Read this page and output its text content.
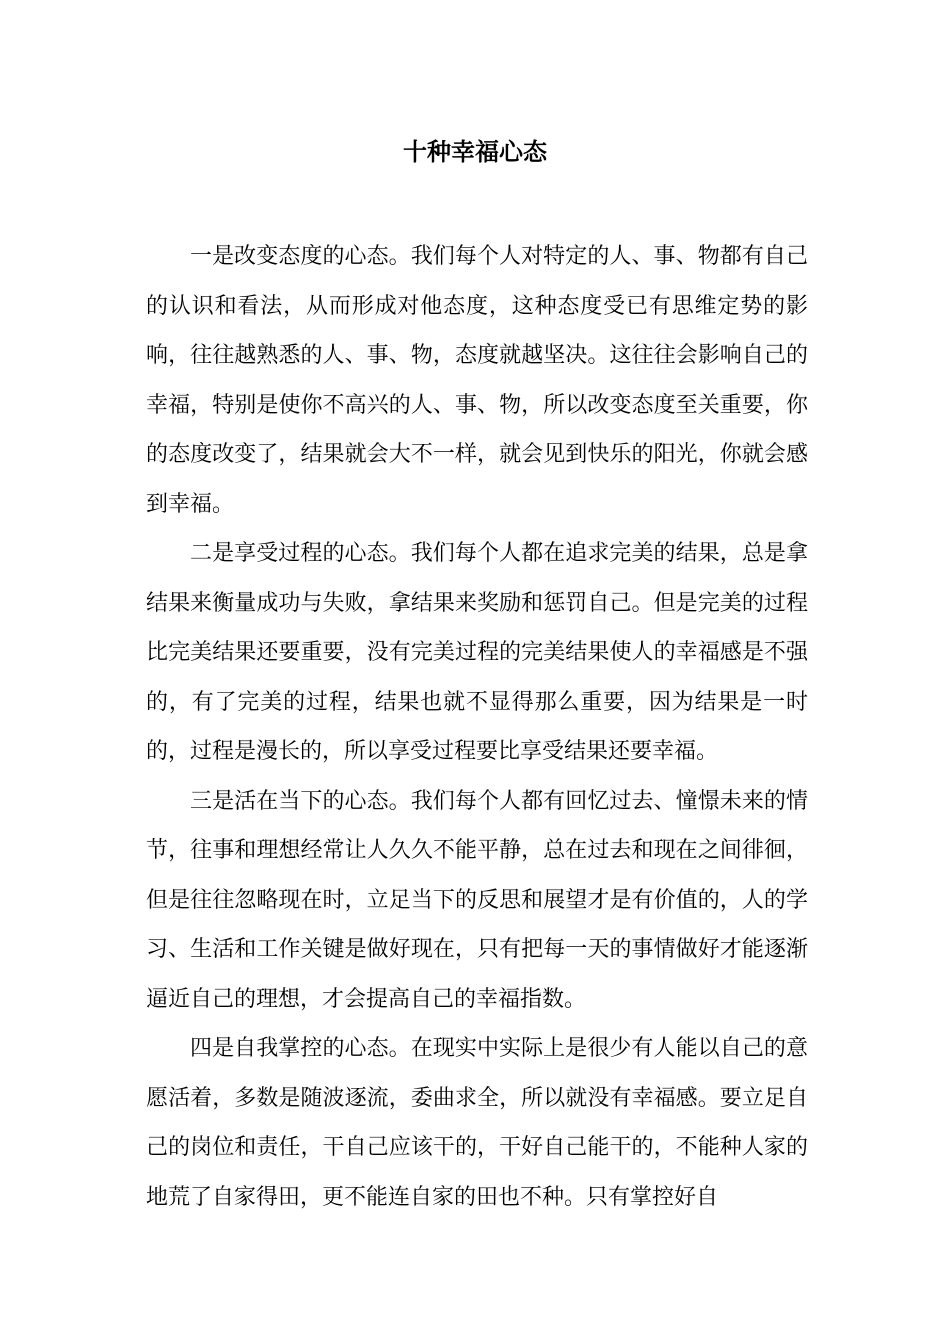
十种幸福心态

一是改变态度的心态。我们每个人对特定的人、事、物都有自己的认识和看法，从而形成对他态度，这种态度受已有思维定势的影响，往往越熟悉的人、事、物，态度就越坚决。这往往会影响自己的幸福，特别是使你不高兴的人、事、物，所以改变态度至关重要，你的态度改变了，结果就会大不一样，就会见到快乐的阳光，你就会感到幸福。

二是享受过程的心态。我们每个人都在追求完美的结果，总是拿结果来衡量成功与失败，拿结果来奖励和惩罚自己。但是完美的过程比完美结果还要重要，没有完美过程的完美结果使人的幸福感是不强的，有了完美的过程，结果也就不显得那么重要，因为结果是一时的，过程是漫长的，所以享受过程要比享受结果还要幸福。

三是活在当下的心态。我们每个人都有回忆过去、憧憬未来的情节，往事和理想经常让人久久不能平静，总在过去和现在之间徘徊，但是往往忽略现在时，立足当下的反思和展望才是有价值的，人的学习、生活和工作关键是做好现在，只有把每一天的事情做好才能逐渐逼近自己的理想，才会提高自己的幸福指数。

四是自我掌控的心态。在现实中实际上是很少有人能以自己的意愿活着，多数是随波逐流，委曲求全，所以就没有幸福感。要立足自己的岗位和责任，干自己应该干的，干好自己能干的，不能种人家的地荒了自家得田，更不能连自家的田也不种。只有掌控好自
